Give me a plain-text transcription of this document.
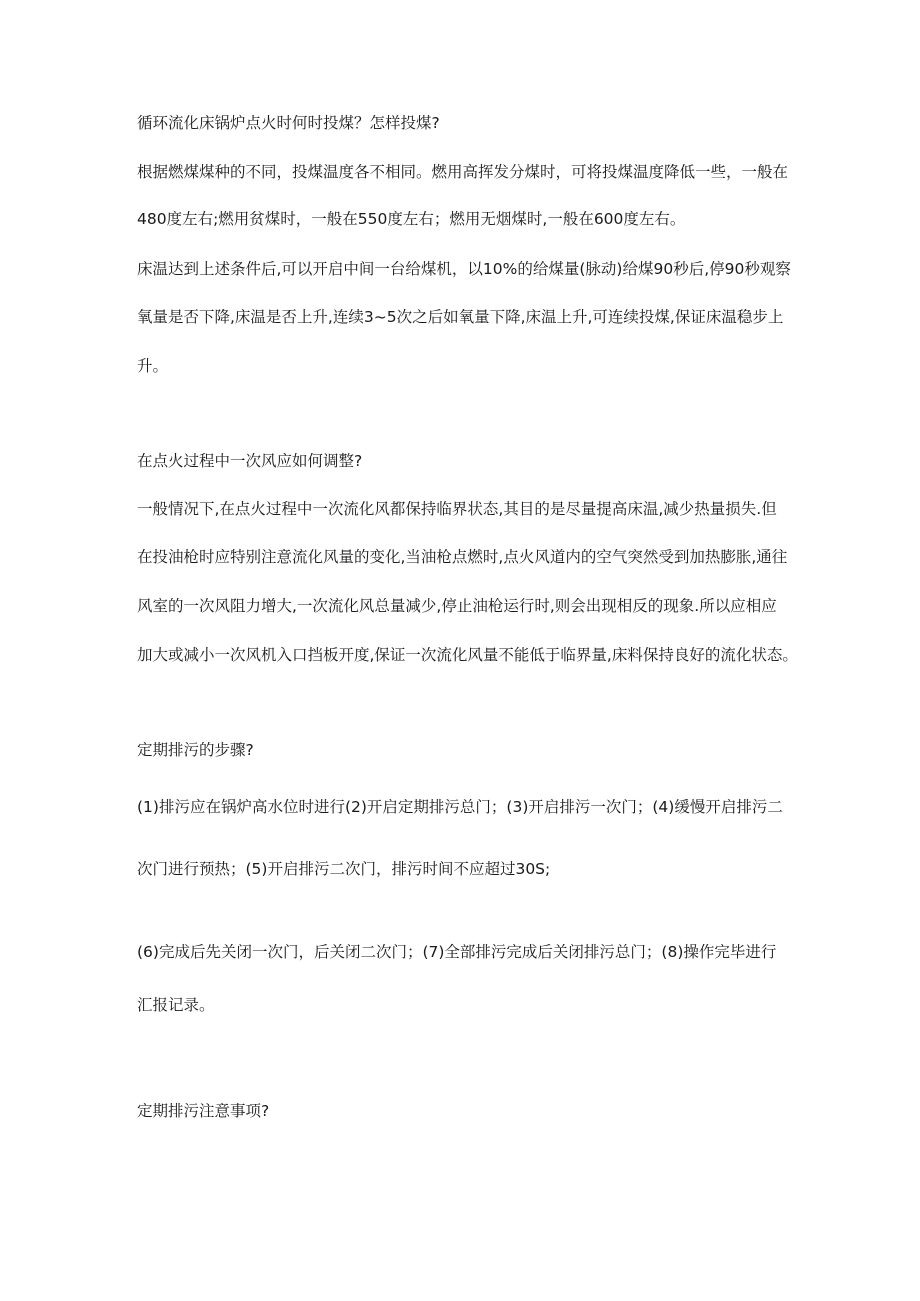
循环流化床锅炉点火时何时投煤？怎样投煤?

根据燃煤煤种的不同，投煤温度各不相同。燃用高挥发分煤时，可将投煤温度降低一些，一般在

480度左右;燃用贫煤时，一般在550度左右；燃用无烟煤时,一般在600度左右。

床温达到上述条件后,可以开启中间一台给煤机，以10%的给煤量(脉动)给煤90秒后,停90秒观察

氧量是否下降,床温是否上升,连续3~5次之后如氧量下降,床温上升,可连续投煤,保证床温稳步上

升。

在点火过程中一次风应如何调整?

一般情况下,在点火过程中一次流化风都保持临界状态,其目的是尽量提高床温,减少热量损失.但

在投油枪时应特别注意流化风量的变化,当油枪点燃时,点火风道内的空气突然受到加热膨胀,通往

风室的一次风阻力增大,一次流化风总量减少,停止油枪运行时,则会出现相反的现象.所以应相应

加大或减小一次风机入口挡板开度,保证一次流化风量不能低于临界量,床料保持良好的流化状态。

定期排污的步骤?

(1)排污应在锅炉高水位时进行(2)开启定期排污总门；(3)开启排污一次门；(4)缓慢开启排污二

次门进行预热；(5)开启排污二次门，排污时间不应超过30S;

(6)完成后先关闭一次门，后关闭二次门；(7)全部排污完成后关闭排污总门；(8)操作完毕进行

汇报记录。

定期排污注意事项?
